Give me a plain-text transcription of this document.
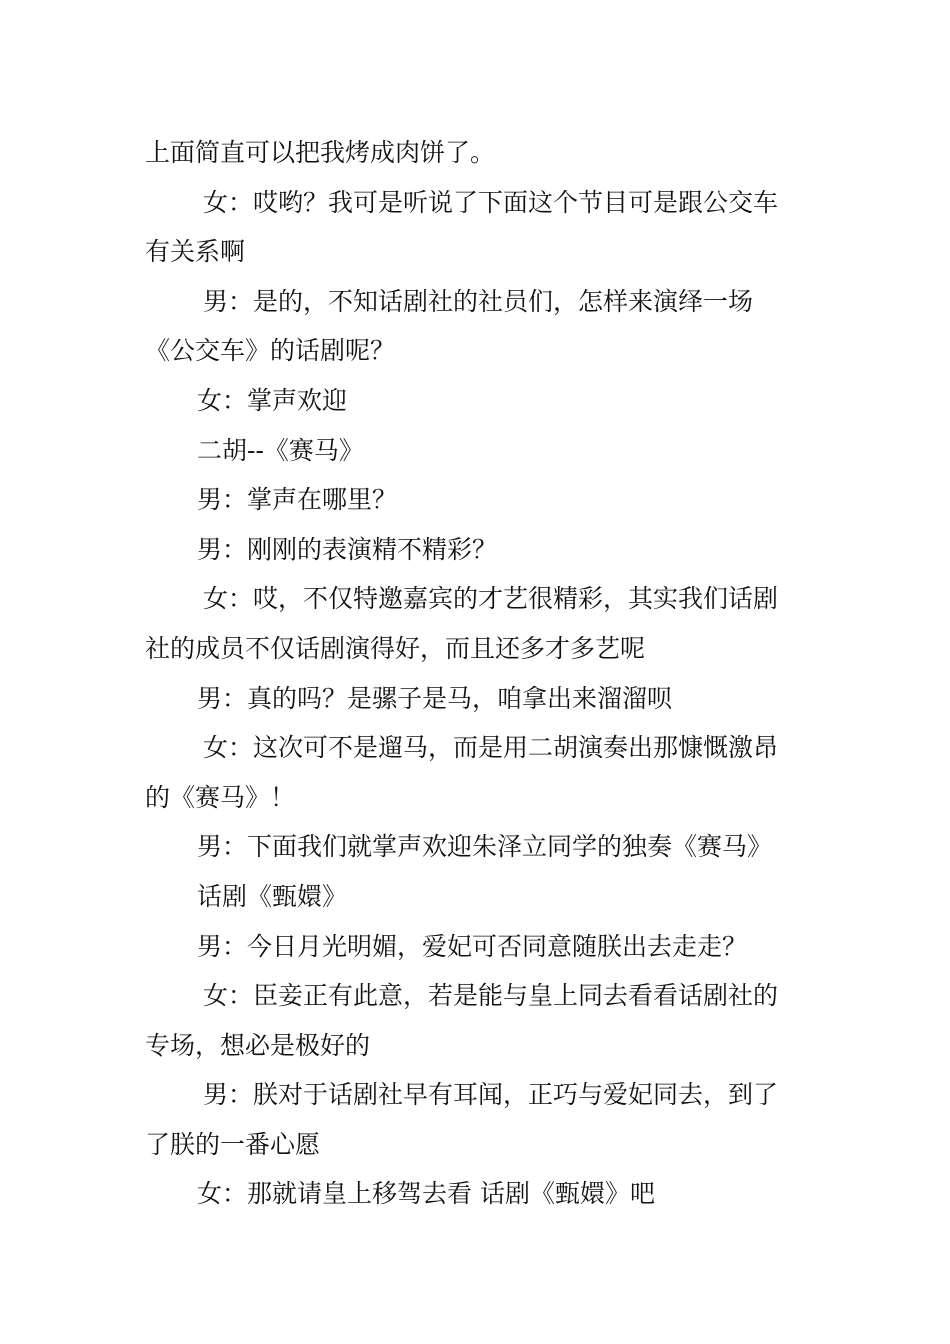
上面简直可以把我烤成肉饼了。
女：哎哟？我可是听说了下面这个节目可是跟公交车
有关系啊
男：是的，不知话剧社的社员们，怎样来演绎一场
《公交车》的话剧呢？
女：掌声欢迎
二胡--《赛马》
男：掌声在哪里？
男：刚刚的表演精不精彩？
女：哎，不仅特邀嘉宾的才艺很精彩，其实我们话剧
社的成员不仅话剧演得好，而且还多才多艺呢
男：真的吗？是骡子是马，咱拿出来溜溜呗
女：这次可不是遛马，而是用二胡演奏出那慷慨激昂
的《赛马》！
男：下面我们就掌声欢迎朱泽立同学的独奏《赛马》
话剧《甄嬛》
男：今日月光明媚，爱妃可否同意随朕出去走走？
女：臣妾正有此意，若是能与皇上同去看看话剧社的
专场，想必是极好的
男：朕对于话剧社早有耳闻，正巧与爱妃同去，到了
了朕的一番心愿
女：那就请皇上移驾去看 话剧《甄嬛》吧
